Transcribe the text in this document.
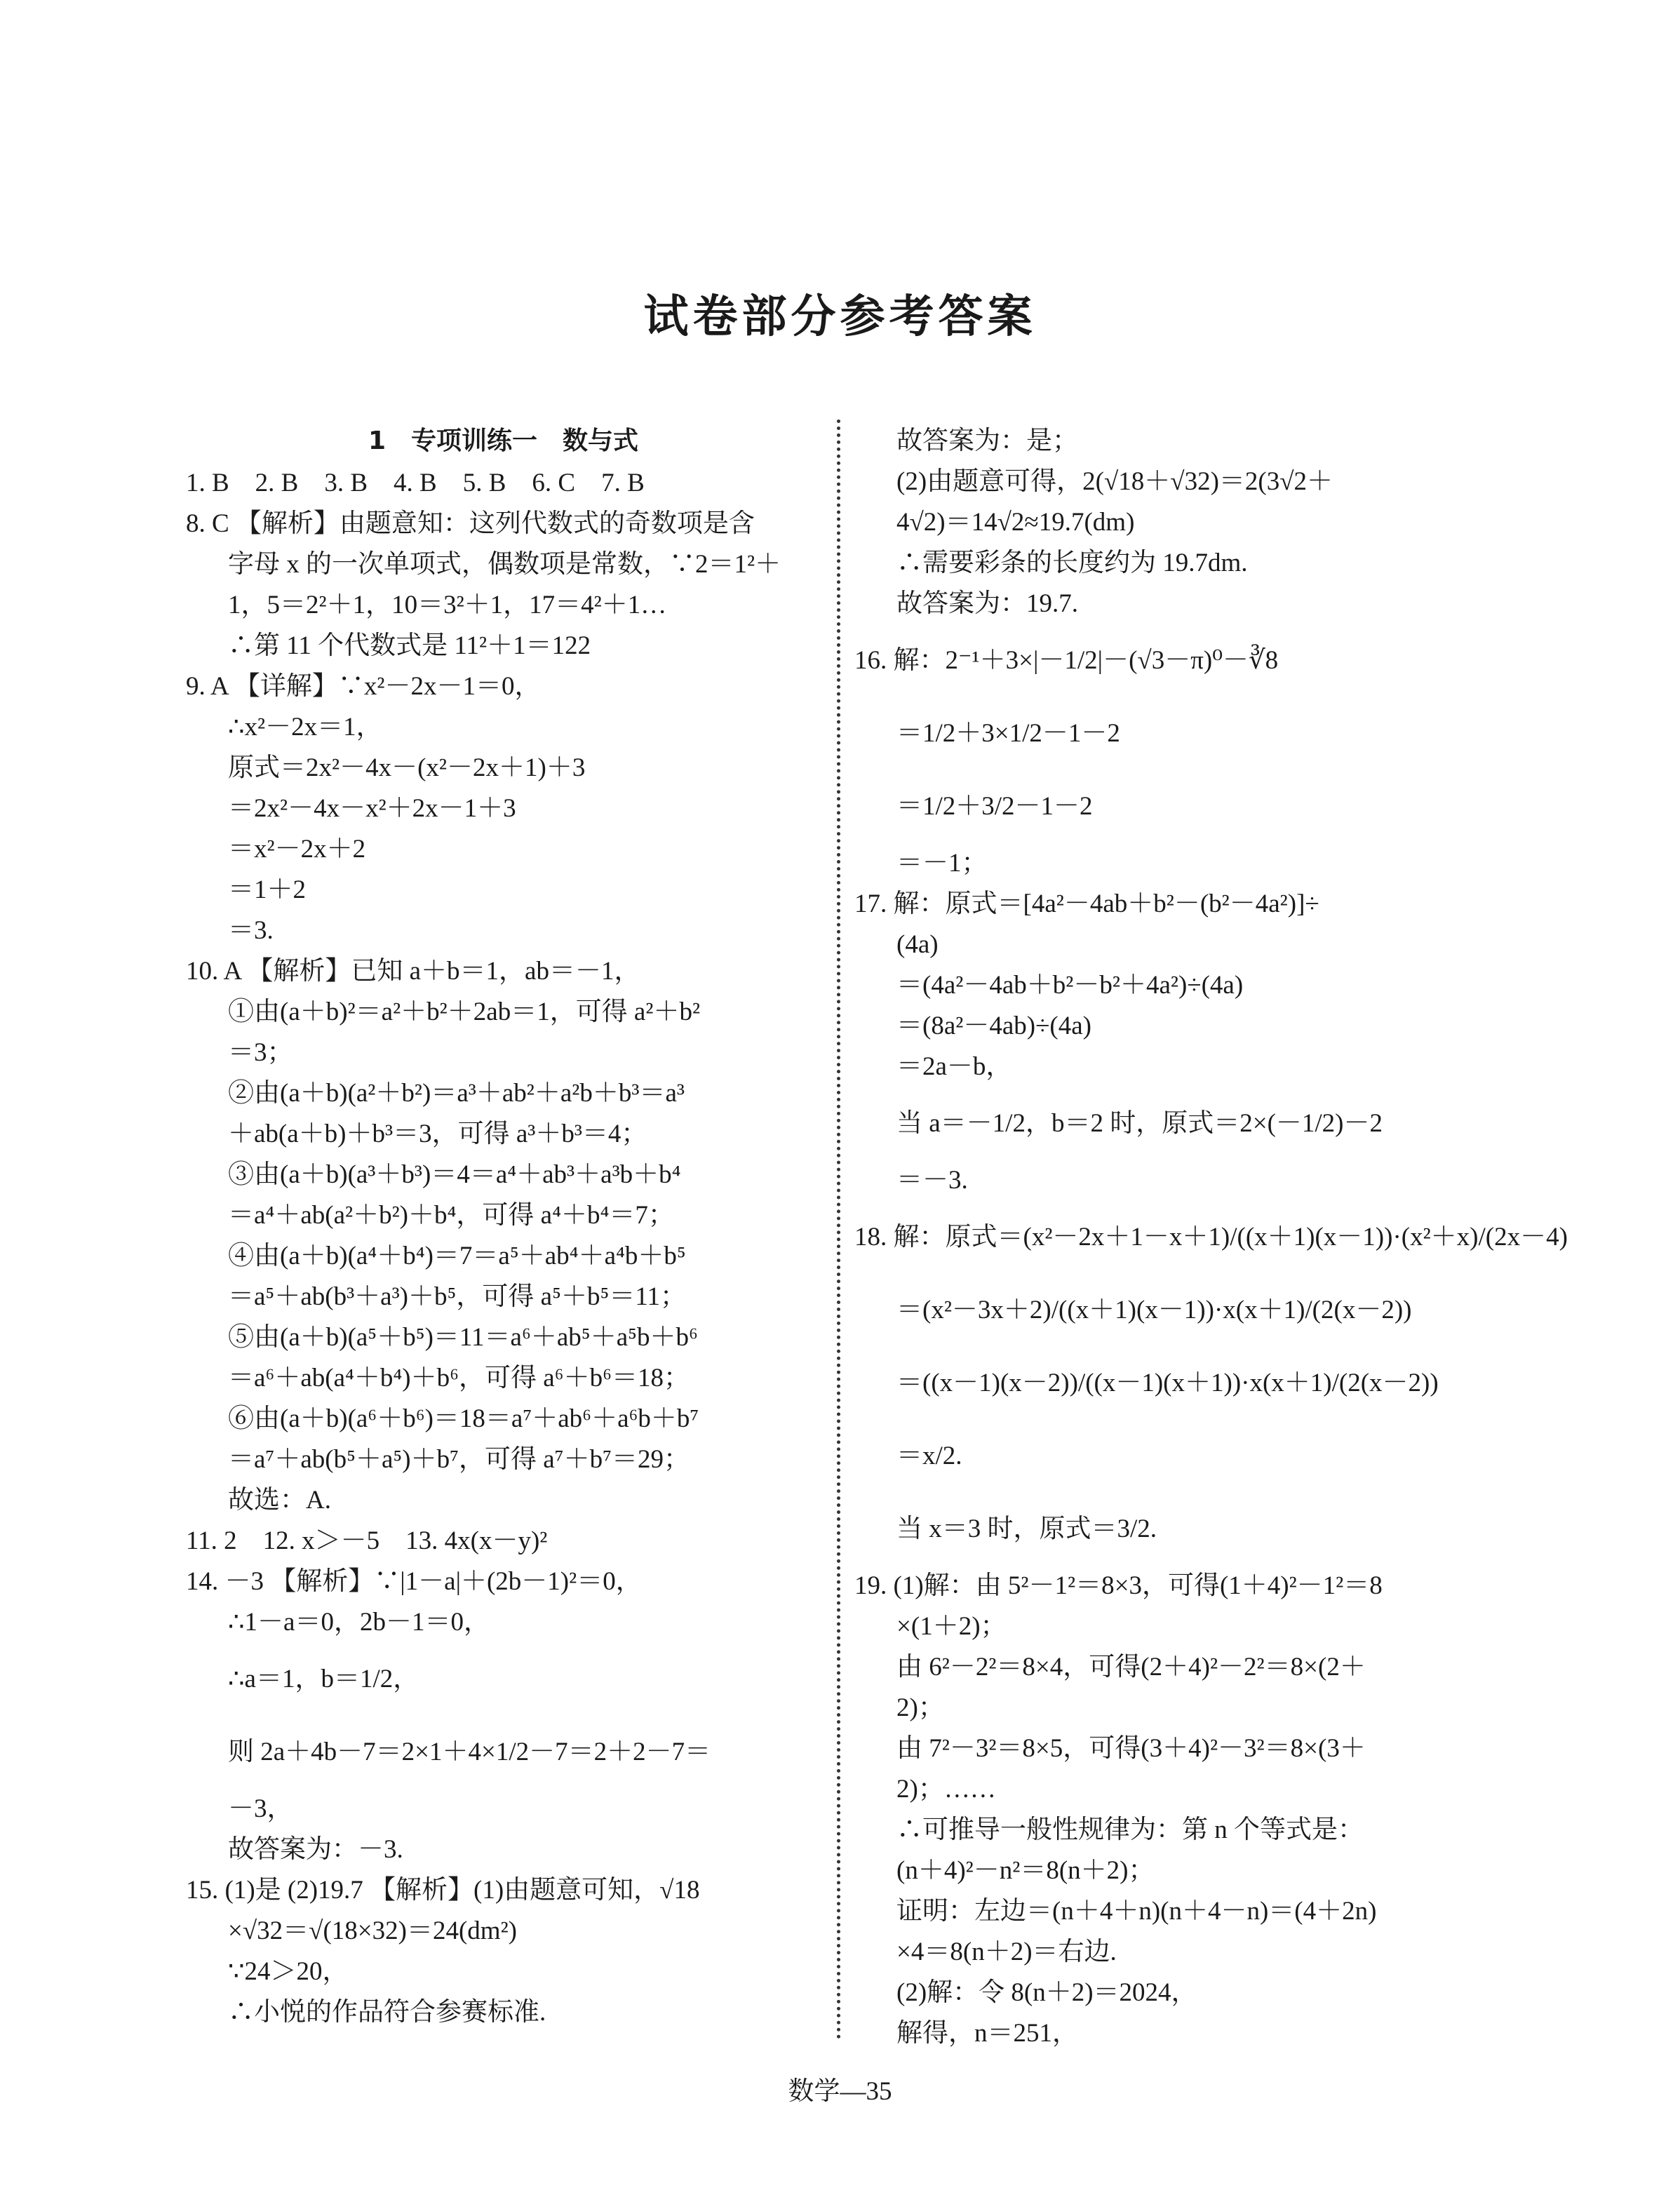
试卷部分参考答案
1　专项训练一　数与式
1. B　2. B　3. B　4. B　5. B　6. C　7. B
8. C 【解析】由题意知：这列代数式的奇数项是含
字母 x 的一次单项式，偶数项是常数，∵2＝1²＋
1，5＝2²＋1，10＝3²＋1，17＝4²＋1…
∴第 11 个代数式是 11²＋1＝122
9. A 【详解】∵x²－2x－1＝0，
∴x²－2x＝1，
原式＝2x²－4x－(x²－2x＋1)＋3
＝2x²－4x－x²＋2x－1＋3
＝x²－2x＋2
＝1＋2
＝3.
10. A 【解析】已知 a＋b＝1，ab＝－1，
①由(a＋b)²＝a²＋b²＋2ab＝1，可得 a²＋b²
＝3；
②由(a＋b)(a²＋b²)＝a³＋ab²＋a²b＋b³＝a³
＋ab(a＋b)＋b³＝3，可得 a³＋b³＝4；
③由(a＋b)(a³＋b³)＝4＝a⁴＋ab³＋a³b＋b⁴
＝a⁴＋ab(a²＋b²)＋b⁴，可得 a⁴＋b⁴＝7；
④由(a＋b)(a⁴＋b⁴)＝7＝a⁵＋ab⁴＋a⁴b＋b⁵
＝a⁵＋ab(b³＋a³)＋b⁵，可得 a⁵＋b⁵＝11；
⑤由(a＋b)(a⁵＋b⁵)＝11＝a⁶＋ab⁵＋a⁵b＋b⁶
＝a⁶＋ab(a⁴＋b⁴)＋b⁶，可得 a⁶＋b⁶＝18；
⑥由(a＋b)(a⁶＋b⁶)＝18＝a⁷＋ab⁶＋a⁶b＋b⁷
＝a⁷＋ab(b⁵＋a⁵)＋b⁷，可得 a⁷＋b⁷＝29；
故选：A.
11. 2　12. x＞－5　13. 4x(x－y)²
14. －3 【解析】∵|1－a|＋(2b－1)²＝0，
∴1－a＝0，2b－1＝0，
∴a＝1，b＝1/2，
则 2a＋4b－7＝2×1＋4×1/2－7＝2＋2－7＝
－3，
故答案为：－3.
15. (1)是 (2)19.7 【解析】(1)由题意可知，√18
×√32＝√(18×32)＝24(dm²)
∵24＞20，
∴小悦的作品符合参赛标准.
故答案为：是；
(2)由题意可得，2(√18＋√32)＝2(3√2＋
4√2)＝14√2≈19.7(dm)
∴需要彩条的长度约为 19.7dm.
故答案为：19.7.
16. 解：2⁻¹＋3×|－1/2|－(√3－π)⁰－∛8
＝1/2＋3×1/2－1－2
＝1/2＋3/2－1－2
＝－1；
17. 解：原式＝[4a²－4ab＋b²－(b²－4a²)]÷
(4a)
＝(4a²－4ab＋b²－b²＋4a²)÷(4a)
＝(8a²－4ab)÷(4a)
＝2a－b，
当 a＝－1/2，b＝2 时，原式＝2×(－1/2)－2
＝－3.
18. 解：原式＝(x²－2x＋1－x＋1)/((x＋1)(x－1))·(x²＋x)/(2x－4)
＝(x²－3x＋2)/((x＋1)(x－1))·x(x＋1)/(2(x－2))
＝((x－1)(x－2))/((x－1)(x＋1))·x(x＋1)/(2(x－2))
＝x/2.
当 x＝3 时，原式＝3/2.
19. (1)解：由 5²－1²＝8×3，可得(1＋4)²－1²＝8
×(1＋2)；
由 6²－2²＝8×4，可得(2＋4)²－2²＝8×(2＋
2)；
由 7²－3²＝8×5，可得(3＋4)²－3²＝8×(3＋
2)；……
∴可推导一般性规律为：第 n 个等式是：
(n＋4)²－n²＝8(n＋2)；
证明：左边＝(n＋4＋n)(n＋4－n)＝(4＋2n)
×4＝8(n＋2)＝右边.
(2)解：令 8(n＋2)＝2024，
解得，n＝251，
数学—35
